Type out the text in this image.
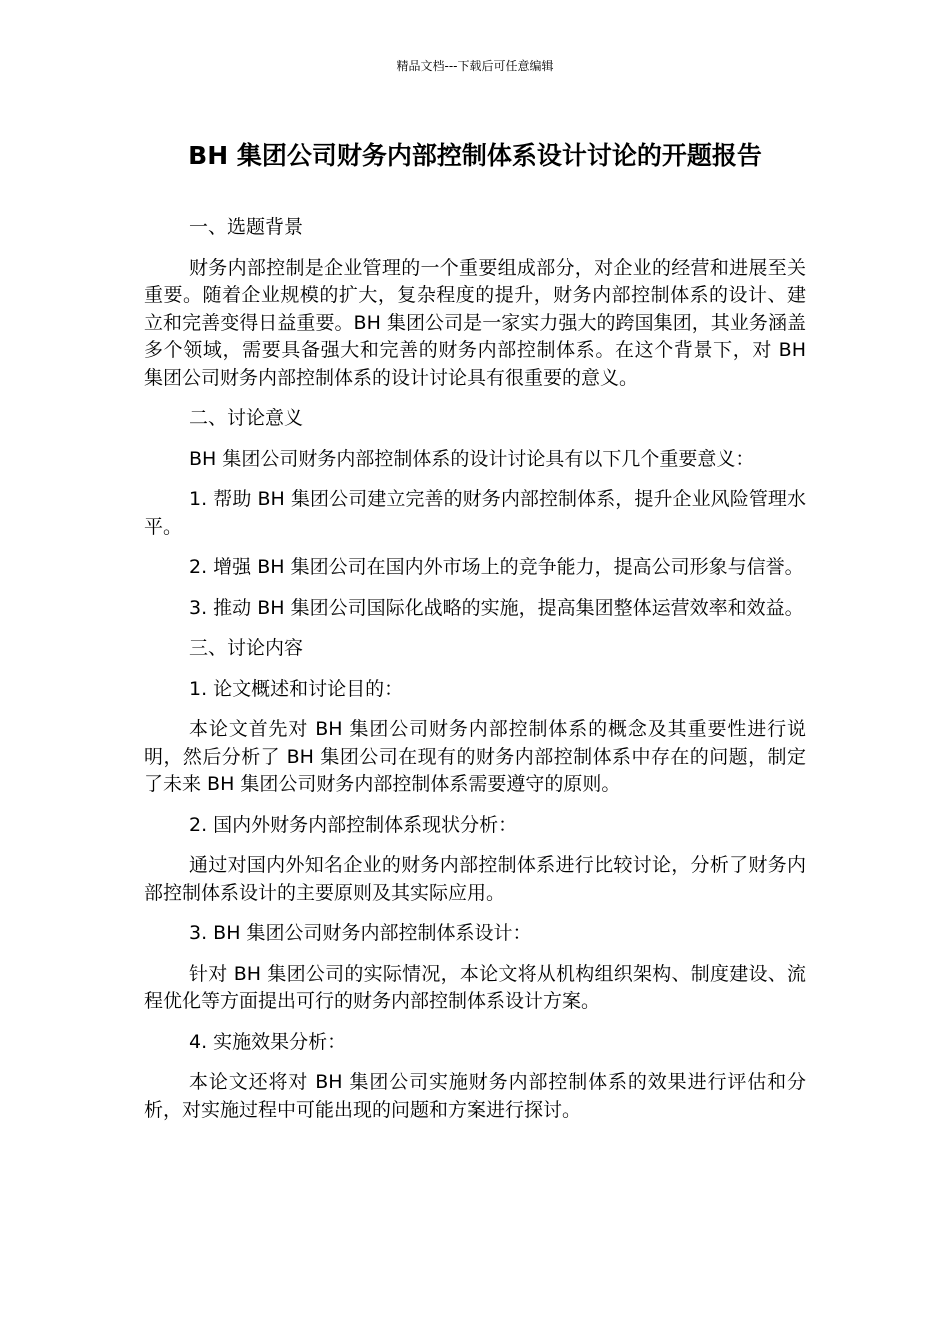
精品文档---下载后可任意编辑
BH 集团公司财务内部控制体系设计讨论的开题报告

一、选题背景

财务内部控制是企业管理的一个重要组成部分，对企业的经营和进展至关重要。随着企业规模的扩大，复杂程度的提升，财务内部控制体系的设计、建立和完善变得日益重要。BH 集团公司是一家实力强大的跨国集团，其业务涵盖多个领域，需要具备强大和完善的财务内部控制体系。在这个背景下，对 BH 集团公司财务内部控制体系的设计讨论具有很重要的意义。

二、讨论意义

BH 集团公司财务内部控制体系的设计讨论具有以下几个重要意义：

1. 帮助 BH 集团公司建立完善的财务内部控制体系，提升企业风险管理水平。

2. 增强 BH 集团公司在国内外市场上的竞争能力，提高公司形象与信誉。

3. 推动 BH 集团公司国际化战略的实施，提高集团整体运营效率和效益。

三、讨论内容

1. 论文概述和讨论目的：

本论文首先对 BH 集团公司财务内部控制体系的概念及其重要性进行说明，然后分析了 BH 集团公司在现有的财务内部控制体系中存在的问题，制定了未来 BH 集团公司财务内部控制体系需要遵守的原则。

2. 国内外财务内部控制体系现状分析：

通过对国内外知名企业的财务内部控制体系进行比较讨论，分析了财务内部控制体系设计的主要原则及其实际应用。

3. BH 集团公司财务内部控制体系设计：

针对 BH 集团公司的实际情况，本论文将从机构组织架构、制度建设、流程优化等方面提出可行的财务内部控制体系设计方案。

4. 实施效果分析：

本论文还将对 BH 集团公司实施财务内部控制体系的效果进行评估和分析，对实施过程中可能出现的问题和方案进行探讨。
